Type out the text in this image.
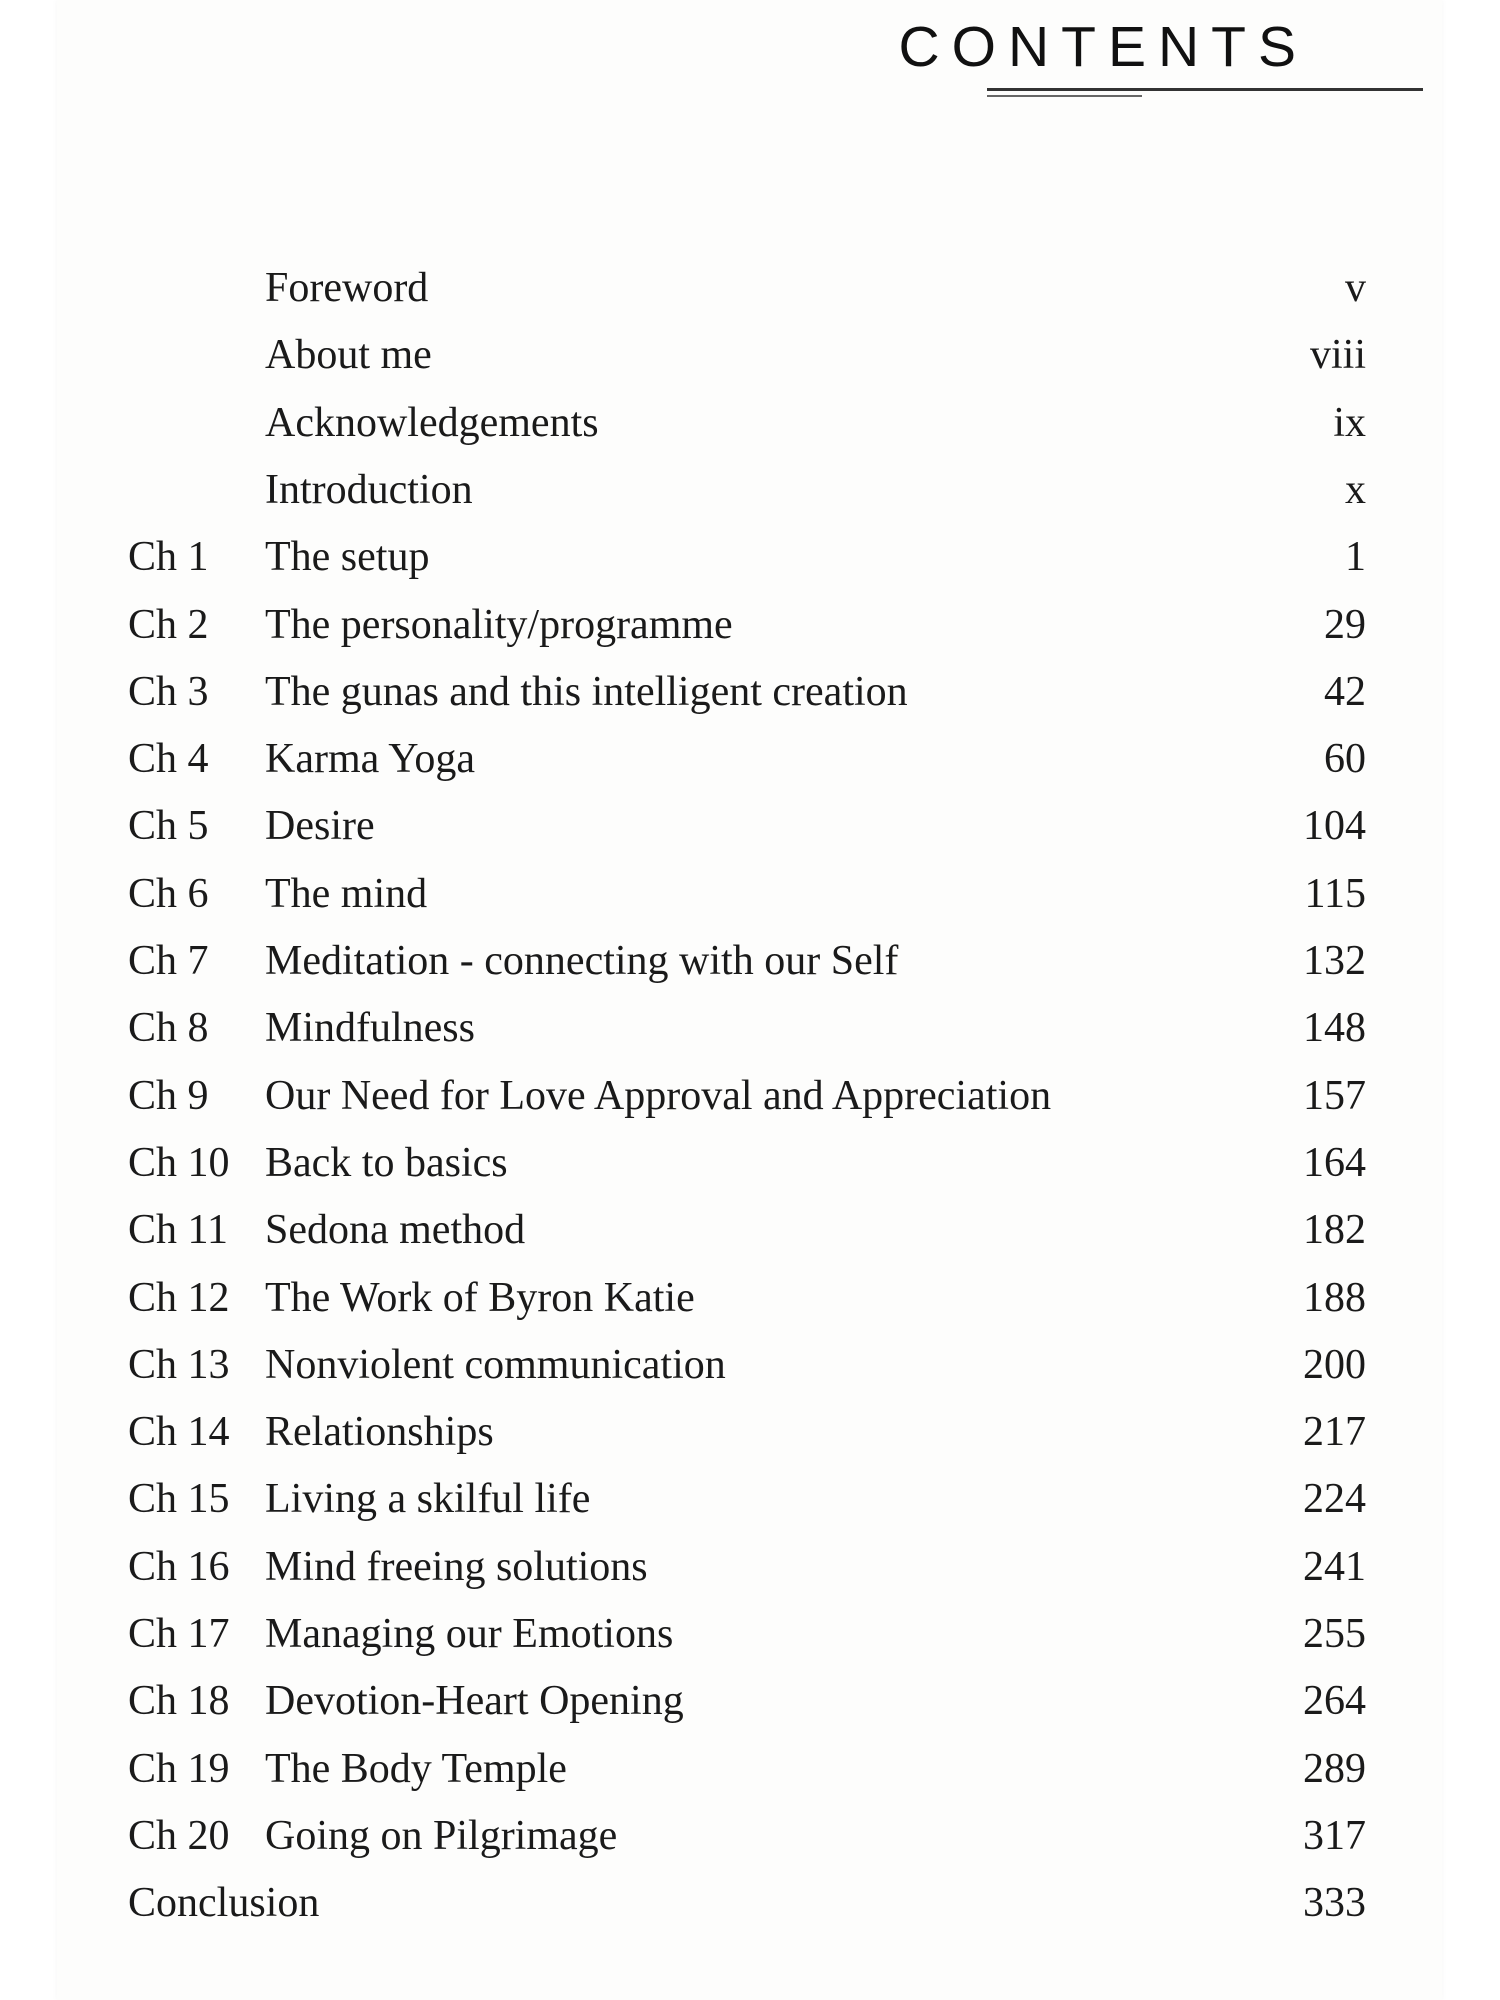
CONTENTS
Foreword	v
About me	viii
Acknowledgements	ix
Introduction	x
Ch 1 The setup	1
Ch 2 The personality/programme	29
Ch 3 The gunas and this intelligent creation	42
Ch 4 Karma Yoga	60
Ch 5 Desire	104
Ch 6 The mind	115
Ch 7 Meditation - connecting with our Self	132
Ch 8 Mindfulness	148
Ch 9 Our Need for Love Approval and Appreciation	157
Ch 10 Back to basics	164
Ch 11 Sedona method	182
Ch 12 The Work of Byron Katie	188
Ch 13 Nonviolent communication	200
Ch 14 Relationships	217
Ch 15 Living a skilful life	224
Ch 16 Mind freeing solutions	241
Ch 17 Managing our Emotions	255
Ch 18 Devotion-Heart Opening	264
Ch 19 The Body Temple	289
Ch 20 Going on Pilgrimage	317
Conclusion	333
